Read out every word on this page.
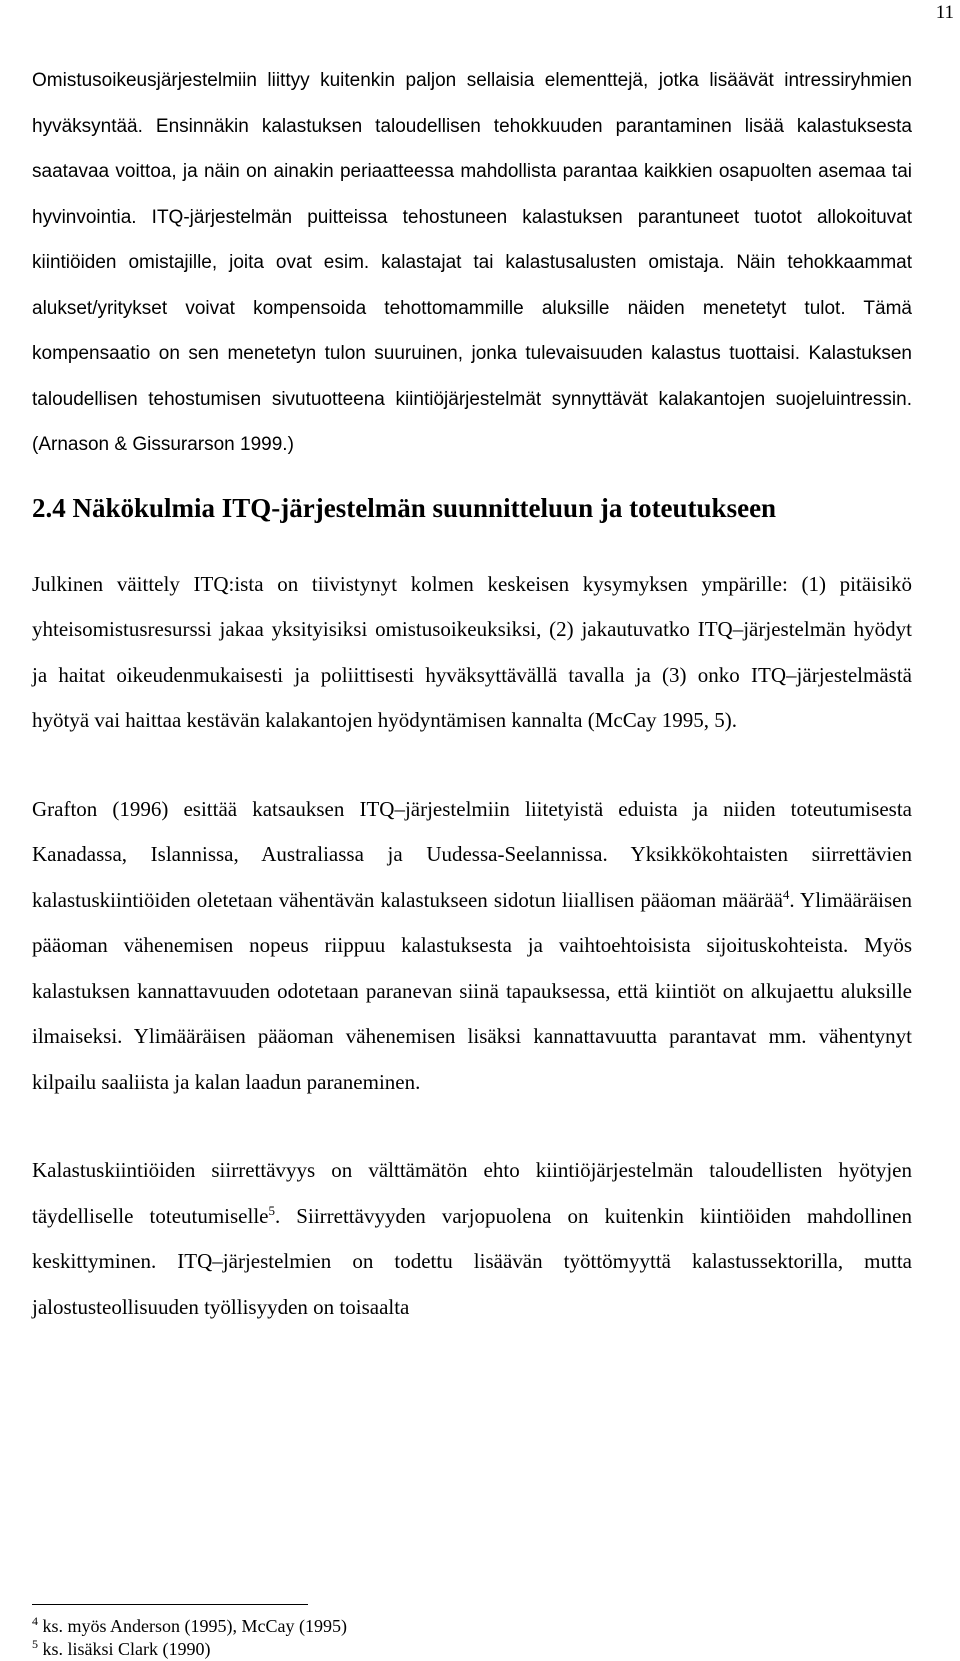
11

Omistusoikeusjärjestelmiin liittyy kuitenkin paljon sellaisia elementtejä, jotka lisäävät intressiryhmien hyväksyntää. Ensinnäkin kalastuksen taloudellisen tehokkuuden parantaminen lisää kalastuksesta saatavaa voittoa, ja näin on ainakin periaatteessa mahdollista parantaa kaikkien osapuolten asemaa tai hyvinvointia. ITQ-järjestelmän puitteissa tehostuneen kalastuksen parantuneet tuotot allokoituvat kiintiöiden omistajille, joita ovat esim. kalastajat tai kalastusalusten omistaja. Näin tehokkaammat alukset/yritykset voivat kompensoida tehottomammille aluksille näiden menetetyt tulot. Tämä kompensaatio on sen menetetyn tulon suuruinen, jonka tulevaisuuden kalastus tuottaisi. Kalastuksen taloudellisen tehostumisen sivutuotteena kiintiöjärjestelmät synnyttävät kalakantojen suojeluintressin. (Arnason & Gissurarson 1999.)

2.4 Näkökulmia ITQ-järjestelmän suunnitteluun ja toteutukseen

Julkinen väittely ITQ:ista on tiivistynyt kolmen keskeisen kysymyksen ympärille: (1) pitäisikö yhteisomistusresurssi jakaa yksityisiksi omistusoikeuksiksi, (2) jakautuvatko ITQ–järjestelmän hyödyt ja haitat oikeudenmukaisesti ja poliittisesti hyväksyttävällä tavalla ja (3) onko ITQ–järjestelmästä hyötyä vai haittaa kestävän kalakantojen hyödyntämisen kannalta (McCay 1995, 5).

Grafton (1996) esittää katsauksen ITQ–järjestelmiin liitetyistä eduista ja niiden toteutumisesta Kanadassa, Islannissa, Australiassa ja Uudessa-Seelannissa. Yksikkökohtaisten siirrettävien kalastuskiintiöiden oletetaan vähentävän kalastukseen sidotun liiallisen pääoman määrää$^4$. Ylimääräisen pääoman vähenemisen nopeus riippuu kalastuksesta ja vaihtoehtoisista sijoituskohteista. Myös kalastuksen kannattavuuden odotetaan paranevan siinä tapauksessa, että kiintiöt on alkujaettu aluksille ilmaiseksi. Ylimääräisen pääoman vähenemisen lisäksi kannattavuutta parantavat mm. vähentynyt kilpailu saaliista ja kalan laadun paraneminen.

Kalastuskiintiöiden siirrettävyys on välttämätön ehto kiintiöjärjestelmän taloudellisten hyötyjen täydelliselle toteutumiselle$^5$. Siirrettävyyden varjopuolena on kuitenkin kiintiöiden mahdollinen keskittyminen. ITQ–järjestelmien on todettu lisäävän työttömyyttä kalastussektorilla, mutta jalostusteollisuuden työllisyyden on toisaalta

$^4$ ks. myös Anderson (1995), McCay (1995)
$^5$ ks. lisäksi Clark (1990)
